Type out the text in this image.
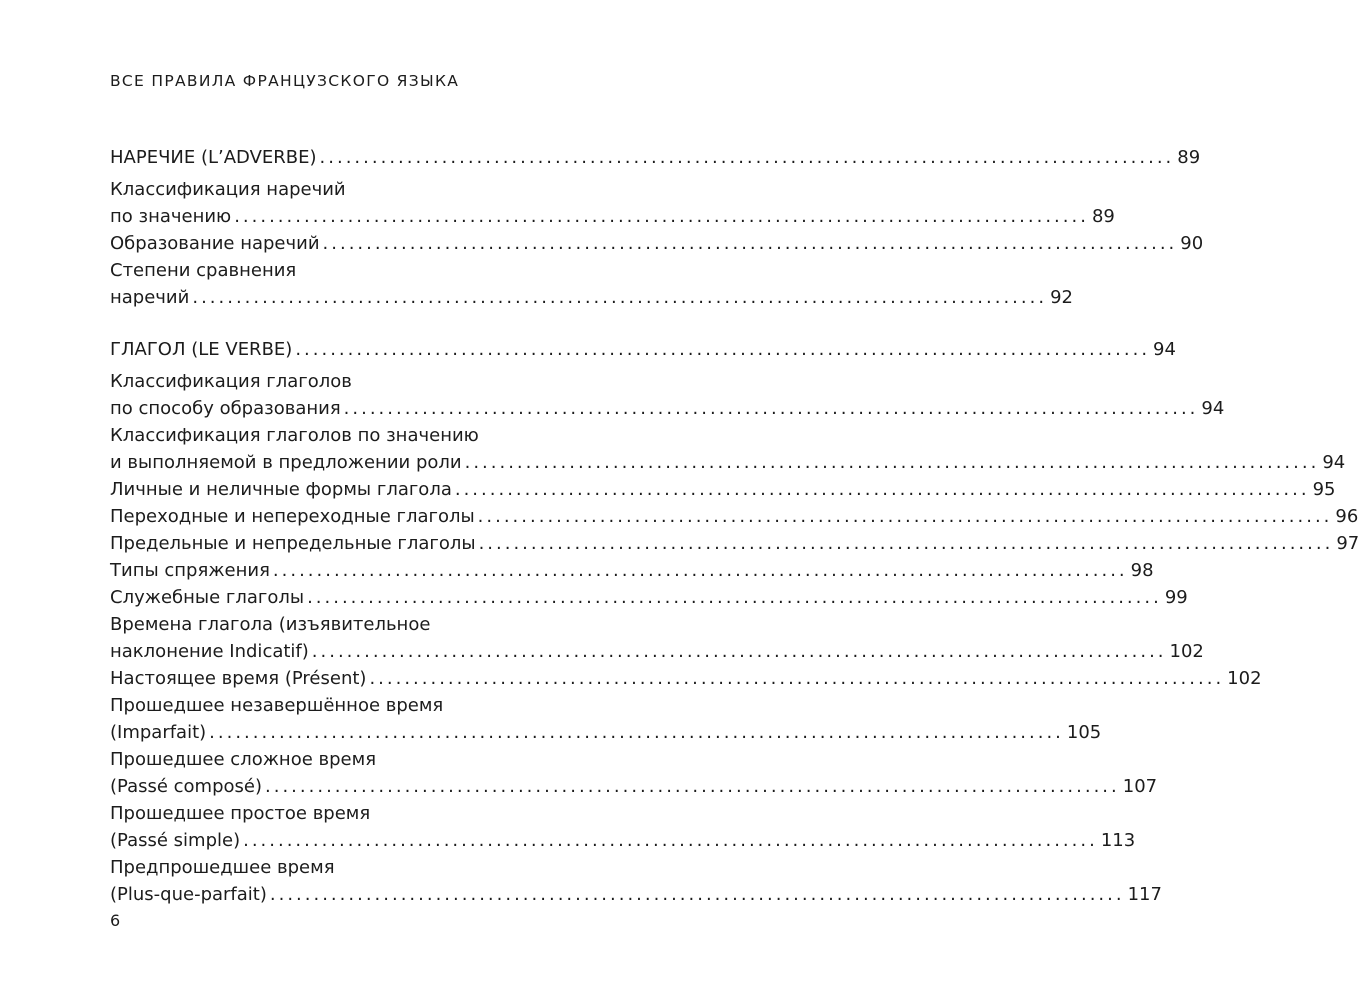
ВСЕ ПРАВИЛА ФРАНЦУЗСКОГО ЯЗЫКА
НАРЕЧИЕ (L’ADVERBE) .................................................................................................. 89
Классификация наречий
по значению .................................................................................................. 89
Образование наречий .................................................................................................. 90
Степени сравнения
наречий .................................................................................................. 92
ГЛАГОЛ (LE VERBE) .................................................................................................. 94
Классификация глаголов
по способу образования .................................................................................................. 94
Классификация глаголов по значению
и выполняемой в предложении роли .................................................................................................. 94
Личные и неличные формы глагола .................................................................................................. 95
Переходные и непереходные глаголы .................................................................................................. 96
Предельные и непредельные глаголы .................................................................................................. 97
Типы спряжения .................................................................................................. 98
Служебные глаголы .................................................................................................. 99
Времена глагола (изъявительное
наклонение Indicatif) .................................................................................................. 102
Настоящее время (Présent) .................................................................................................. 102
Прошедшее незавершённое время
(Imparfait) .................................................................................................. 105
Прошедшее сложное время
(Passé composé) .................................................................................................. 107
Прошедшее простое время
(Passé simple) .................................................................................................. 113
Предпрошедшее время
(Plus-que-parfait) .................................................................................................. 117
6
